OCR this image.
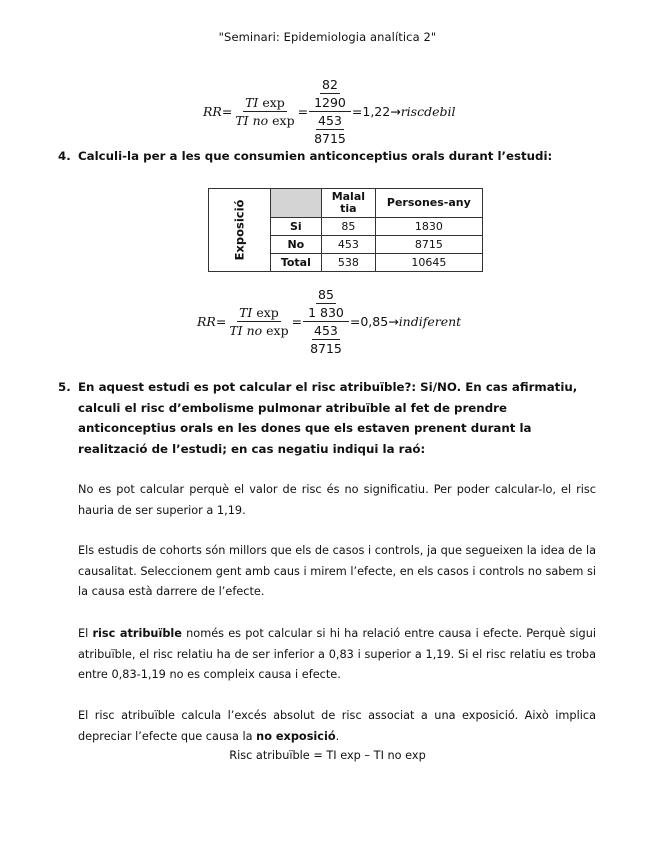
"Seminari: Epidemiologia analítica 2"
RR = $\frac{\text{TI exp}}{\text{TI no exp}} = \frac{\frac{82}{1290}}{\frac{453}{8715}} = 1,22$ → riscdebil
4. Calculi-la per a les que consumien anticonceptius orals durant l’estudi:
Exposició		Malal tia	Persones-any
	Si	85	1830
	No	453	8715
	Total	538	10645
RR = $\frac{\text{TI exp}}{\text{TI no exp}} = \frac{\frac{85}{1 830}}{\frac{453}{8715}} = 0,85$ → indiferent
5. En aquest estudi es pot calcular el risc atribuïble?: Si/NO. En cas afirmatiu, calculi el risc d’embolisme pulmonar atribuïble al fet de prendre anticonceptius orals en les dones que els estaven prenent durant la realització de l’estudi; en cas negatiu indiqui la raó:
No es pot calcular perquè el valor de risc és no significatiu. Per poder calcular-lo, el risc hauria de ser superior a 1,19.
Els estudis de cohorts són millors que els de casos i controls, ja que segueixen la idea de la causalitat. Seleccionem gent amb caus i mirem l’efecte, en els casos i controls no sabem si la causa està darrere de l’efecte.
El risc atribuïble només es pot calcular si hi ha relació entre causa i efecte. Perquè sigui atribuïble, el risc relatiu ha de ser inferior a 0,83 i superior a 1,19. Si el risc relatiu es troba entre 0,83-1,19 no es compleix causa i efecte.
El risc atribuïble calcula l’excés absolut de risc associat a una exposició. Això implica depreciar l’efecte que causa la no exposició.
Risc atribuïble = TI exp – TI no exp
